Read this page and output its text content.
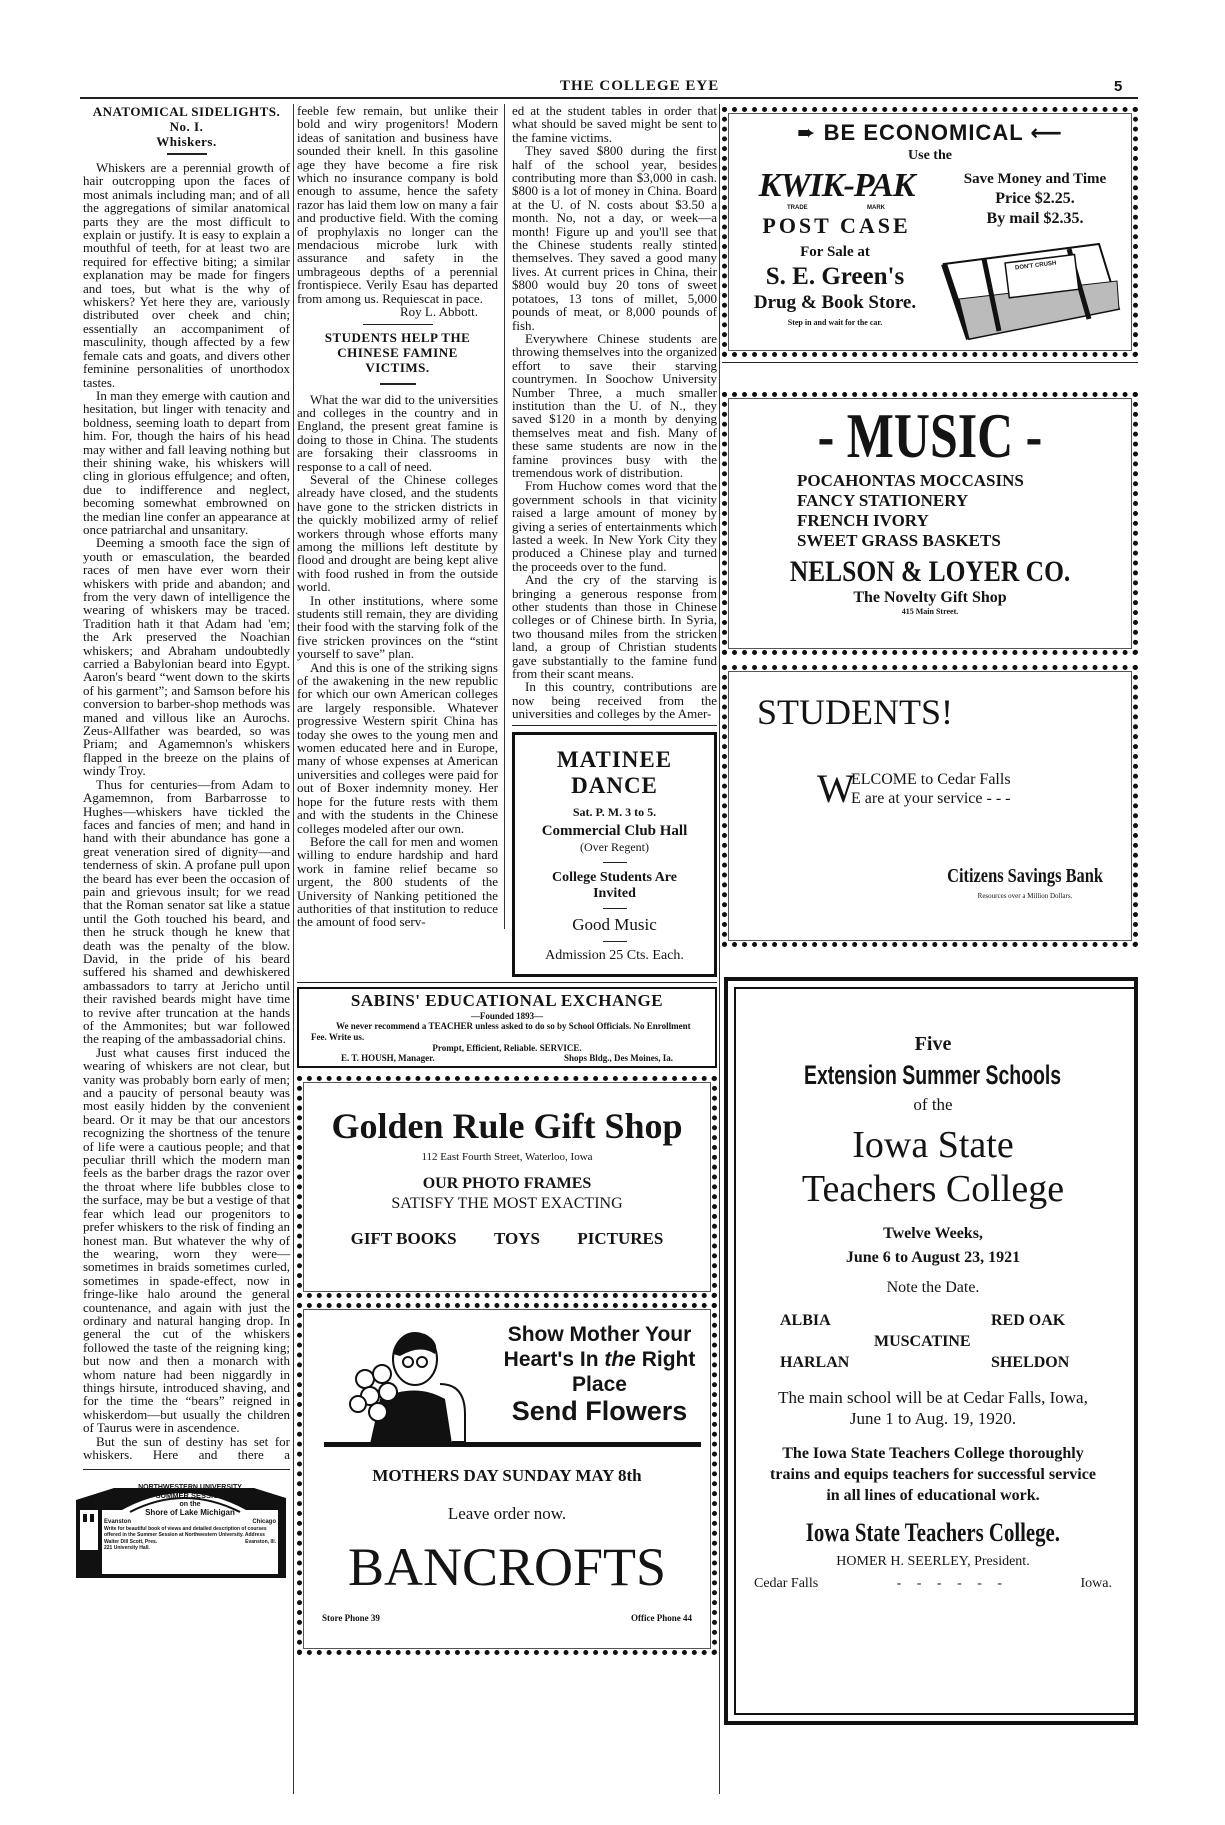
THE COLLEGE EYE	5
ANATOMICAL SIDELIGHTS.
No. I.
Whiskers.

Whiskers are a perennial growth of hair outcropping upon the faces of most animals including man; and of all the aggregations of similar anatomical parts they are the most difficult to explain or justify. It is easy to explain a mouthful of teeth, for at least two are required for effective biting; a similar explanation may be made for fingers and toes, but what is the why of whiskers? Yet here they are, variously distributed over cheek and chin; essentially an accompaniment of masculinity, though affected by a few female cats and goats, and divers other feminine personalities of unorthodox tastes.

In man they emerge with caution and hesitation, but linger with tenacity and boldness, seeming loath to depart from him. For, though the hairs of his head may wither and fall leaving nothing but their shining wake, his whiskers will cling in glorious effulgence; and often, due to indifference and neglect, becoming somewhat embrowned on the median line confer an appearance at once patriarchal and unsanitary.

Deeming a smooth face the sign of youth or emasculation, the bearded races of men have ever worn their whiskers with pride and abandon; and from the very dawn of intelligence the wearing of whiskers may be traced. Tradition hath it that Adam had 'em; the Ark preserved the Noachian whiskers; and Abraham undoubtedly carried a Babylonian beard into Egypt. Aaron's beard “went down to the skirts of his garment”; and Samson before his conversion to barber-shop methods was maned and villous like an Aurochs. Zeus-Allfather was bearded, so was Priam; and Agamemnon's whiskers flapped in the breeze on the plains of windy Troy.

Thus for centuries—from Adam to Agamemnon, from Barbarrosse to Hughes—whiskers have tickled the faces and fancies of men; and hand in hand with their abundance has gone a great veneration sired of dignity—and tenderness of skin. A profane pull upon the beard has ever been the occasion of pain and grievous insult; for we read that the Roman senator sat like a statue until the Goth touched his beard, and then he struck though he knew that death was the penalty of the blow. David, in the pride of his beard suffered his shamed and dewhiskered ambassadors to tarry at Jericho until their ravished beards might have time to revive after truncation at the hands of the Ammonites; but war followed the reaping of the ambassadorial chins.

Just what causes first induced the wearing of whiskers are not clear, but vanity was probably born early of men; and a paucity of personal beauty was most easily hidden by the convenient beard. Or it may be that our ancestors recognizing the shortness of the tenure of life were a cautious people; and that peculiar thrill which the modern man feels as the barber drags the razor over the throat where life bubbles close to the surface, may be but a vestige of that fear which lead our progenitors to prefer whiskers to the risk of finding an honest man. But whatever the why of the wearing, worn they were—sometimes in braids sometimes curled, sometimes in spade-effect, now in fringe-like halo around the general countenance, and again with just the ordinary and natural hanging drop. In general the cut of the whiskers followed the taste of the reigning king; but now and then a monarch with whom nature had been niggardly in things hirsute, introduced shaving, and for the time the “bears” reigned in whiskerdom—but usually the children of Taurus were in ascendence.

But the sun of destiny has set for whiskers. Here and there a

NORTHWESTERN UNIVERSITY
SUMMER SESSION
on the
Shore of Lake Michigan
Evanston	Chicago
Write for beautiful book of views and detailed description of courses offered in the Summer Session at Northwestern University. Address
Walter Dill Scott, Pres.	Evanston, Ill.
221 University Hall.

feeble few remain, but unlike their bold and wiry progenitors! Modern ideas of sanitation and business have sounded their knell. In this gasoline age they have become a fire risk which no insurance company is bold enough to assume, hence the safety razor has laid them low on many a fair and productive field. With the coming of prophylaxis no longer can the mendacious microbe lurk with assurance and safety in the umbrageous depths of a perennial frontispiece. Verily Esau has departed from among us. Requiescat in pace.

Roy L. Abbott.
STUDENTS HELP THE CHINESE FAMINE VICTIMS.

What the war did to the universities and colleges in the country and in England, the present great famine is doing to those in China. The students are forsaking their classrooms in response to a call of need.

Several of the Chinese colleges already have closed, and the students have gone to the stricken districts in the quickly mobilized army of relief workers through whose efforts many among the millions left destitute by flood and drought are being kept alive with food rushed in from the outside world.

In other institutions, where some students still remain, they are dividing their food with the starving folk of the five stricken provinces on the “stint yourself to save” plan.

And this is one of the striking signs of the awakening in the new republic for which our own American colleges are largely responsible. Whatever progressive Western spirit China has today she owes to the young men and women educated here and in Europe, many of whose expenses at American universities and colleges were paid for out of Boxer indemnity money. Her hope for the future rests with them and with the students in the Chinese colleges modeled after our own.

Before the call for men and women willing to endure hardship and hard work in famine relief became so urgent, the 800 students of the University of Nanking petitioned the authorities of that institution to reduce the amount of food serv-

ed at the student tables in order that what should be saved might be sent to the famine victims.

They saved $800 during the first half of the school year, besides contributing more than $3,000 in cash. $800 is a lot of money in China. Board at the U. of N. costs about $3.50 a month. No, not a day, or week—a month! Figure up and you'll see that the Chinese students really stinted themselves. They saved a good many lives. At current prices in China, their $800 would buy 20 tons of sweet potatoes, 13 tons of millet, 5,000 pounds of meat, or 8,000 pounds of fish.

Everywhere Chinese students are throwing themselves into the organized effort to save their starving countrymen. In Soochow University Number Three, a much smaller institution than the U. of N., they saved $120 in a month by denying themselves meat and fish. Many of these same students are now in the famine provinces busy with the tremendous work of distribution.

From Huchow comes word that the government schools in that vicinity raised a large amount of money by giving a series of entertainments which lasted a week. In New York City they produced a Chinese play and turned the proceeds over to the fund.

And the cry of the starving is bringing a generous response from other students than those in Chinese colleges or of Chinese birth. In Syria, two thousand miles from the stricken land, a group of Christian students gave substantially to the famine fund from their scant means.

In this country, contributions are now being received from the universities and colleges by the Amer-

MATINEE DANCE
Sat. P. M. 3 to 5.
Commercial Club Hall
(Over Regent)
College Students Are Invited
Good Music
Admission 25 Cts. Each.
SABINS' EDUCATIONAL EXCHANGE
—Founded 1893—
We never recommend a TEACHER unless asked to do so by School Officials. No Enrollment Fee. Write us.
Prompt, Efficient, Reliable. SERVICE.
E. T. HOUSH, Manager.	Shops Bldg., Des Moines, Ia.
Golden Rule Gift Shop
112 East Fourth Street, Waterloo, Iowa
OUR PHOTO FRAMES
SATISFY THE MOST EXACTING
GIFT BOOKS TOYS PICTURES
Show Mother Your
Heart's In the Right
Place
Send Flowers
MOTHERS DAY SUNDAY MAY 8th
Leave order now.
BANCROFTS
Store Phone 39	Office Phone 44
➨ BE ECONOMICAL ⟵
Use the
KWIK-PAK
TRADE	MARK
POST CASE
Save Money and Time
Price $2.25.
By mail $2.35.
For Sale at
S. E. Green's
Drug & Book Store.
Step in and wait for the car.
DON'T CRUSH
- MUSIC -
POCAHONTAS MOCCASINS
FANCY STATIONERY
FRENCH IVORY
SWEET GRASS BASKETS
NELSON & LOYER CO.
The Novelty Gift Shop
415 Main Street.
STUDENTS!
W
ELCOME to Cedar Falls
E are at your service - - -
Citizens Savings Bank
Resources over a Million Dollars.
Five
Extension Summer Schools
of the
Iowa State
Teachers College
Twelve Weeks,
June 6 to August 23, 1921
Note the Date.
ALBIA	RED OAK
MUSCATINE
HARLAN	SHELDON
The main school will be at Cedar Falls, Iowa, June 1 to Aug. 19, 1920.
The Iowa State Teachers College thoroughly trains and equips teachers for successful service in all lines of educational work.
Iowa State Teachers College.
HOMER H. SEERLEY, President.
Cedar Falls	- - - - - -	Iowa.
